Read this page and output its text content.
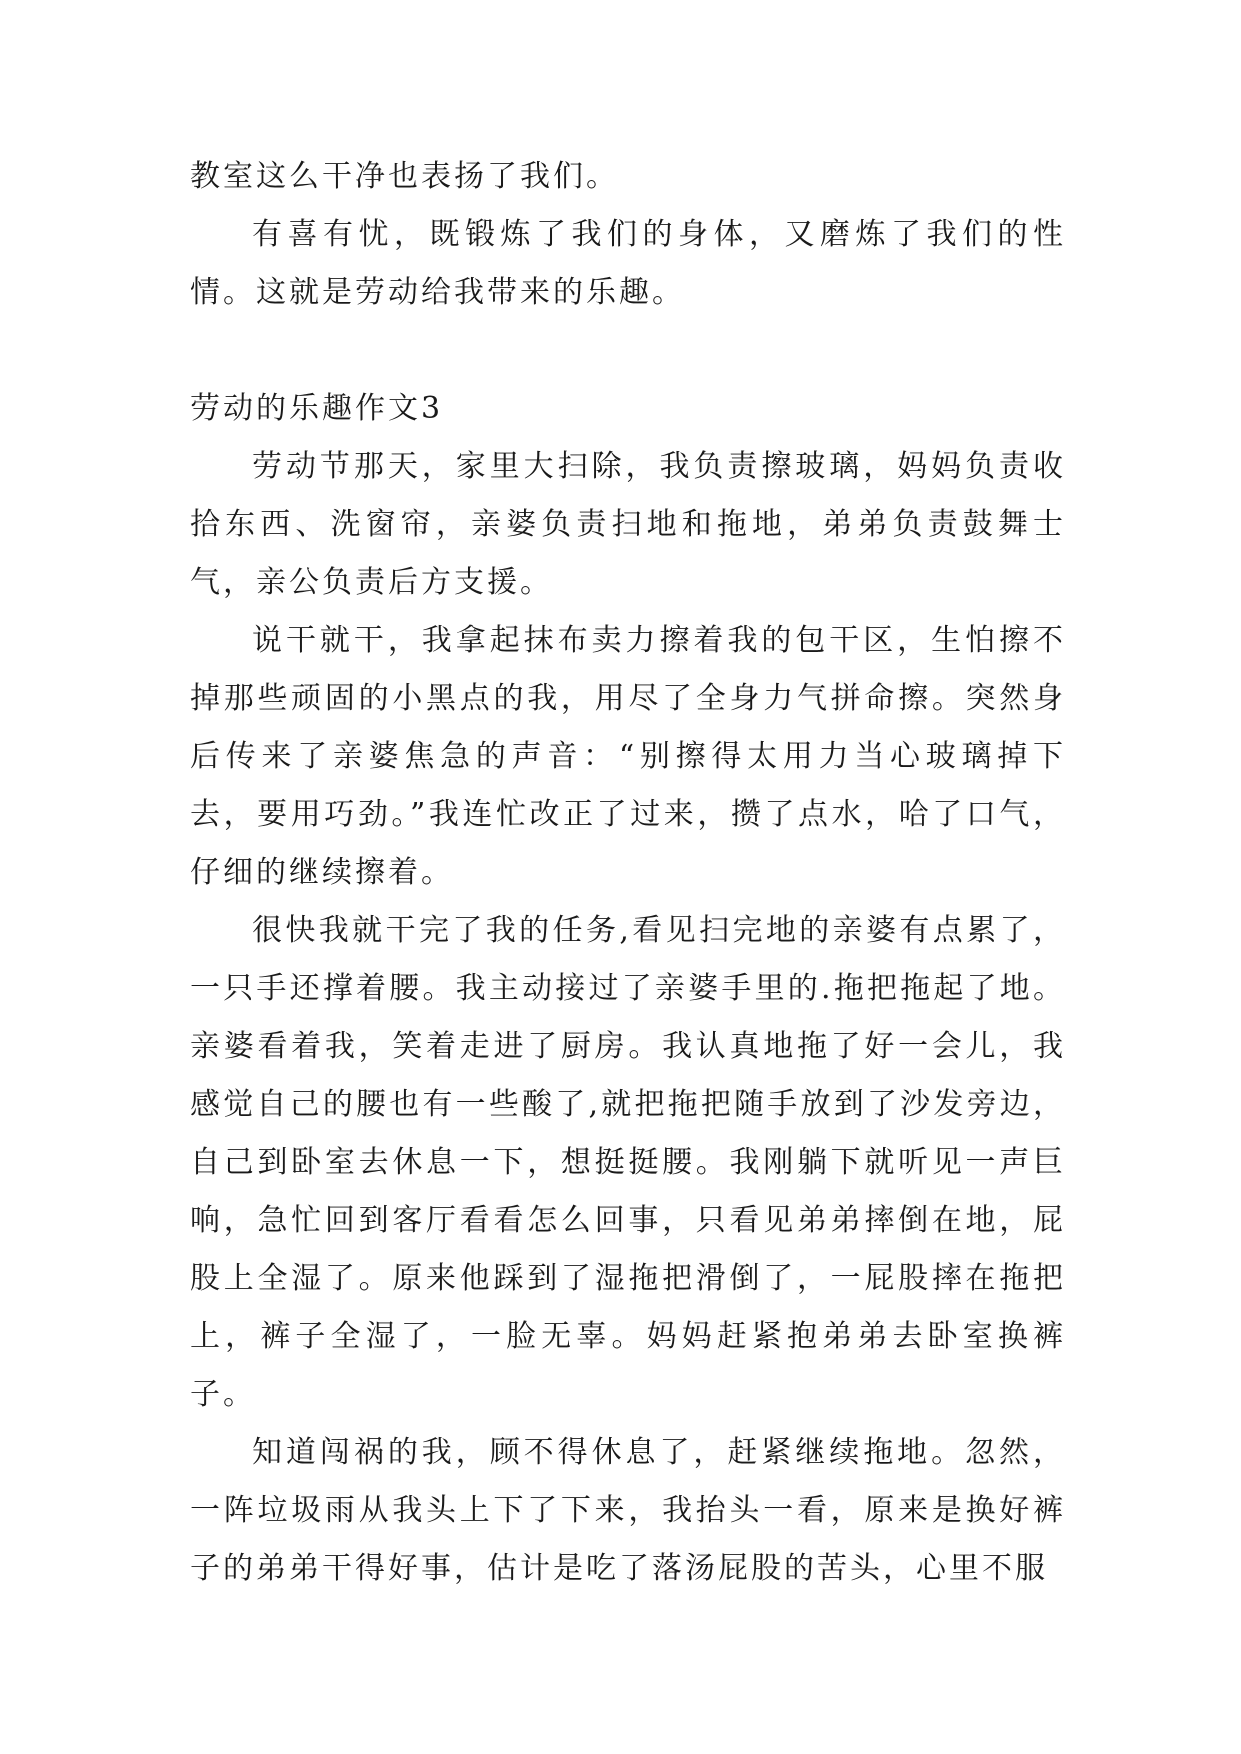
教室这么干净也表扬了我们。

有喜有忧，既锻炼了我们的身体，又磨炼了我们的性情。这就是劳动给我带来的乐趣。

劳动的乐趣作文3

劳动节那天，家里大扫除，我负责擦玻璃，妈妈负责收拾东西、洗窗帘，亲婆负责扫地和拖地，弟弟负责鼓舞士气，亲公负责后方支援。

说干就干，我拿起抹布卖力擦着我的包干区，生怕擦不掉那些顽固的小黑点的我，用尽了全身力气拼命擦。突然身后传来了亲婆焦急的声音：“别擦得太用力当心玻璃掉下去，要用巧劲。”我连忙改正了过来，攒了点水，哈了口气，仔细的继续擦着。

很快我就干完了我的任务,看见扫完地的亲婆有点累了，一只手还撑着腰。我主动接过了亲婆手里的.拖把拖起了地。亲婆看着我，笑着走进了厨房。我认真地拖了好一会儿，我感觉自己的腰也有一些酸了,就把拖把随手放到了沙发旁边，自己到卧室去休息一下，想挺挺腰。我刚躺下就听见一声巨响，急忙回到客厅看看怎么回事，只看见弟弟摔倒在地，屁股上全湿了。原来他踩到了湿拖把滑倒了，一屁股摔在拖把上，裤子全湿了，一脸无辜。妈妈赶紧抱弟弟去卧室换裤子。

知道闯祸的我，顾不得休息了，赶紧继续拖地。忽然，一阵垃圾雨从我头上下了下来，我抬头一看，原来是换好裤子的弟弟干得好事，估计是吃了落汤屁股的苦头，心里不服
